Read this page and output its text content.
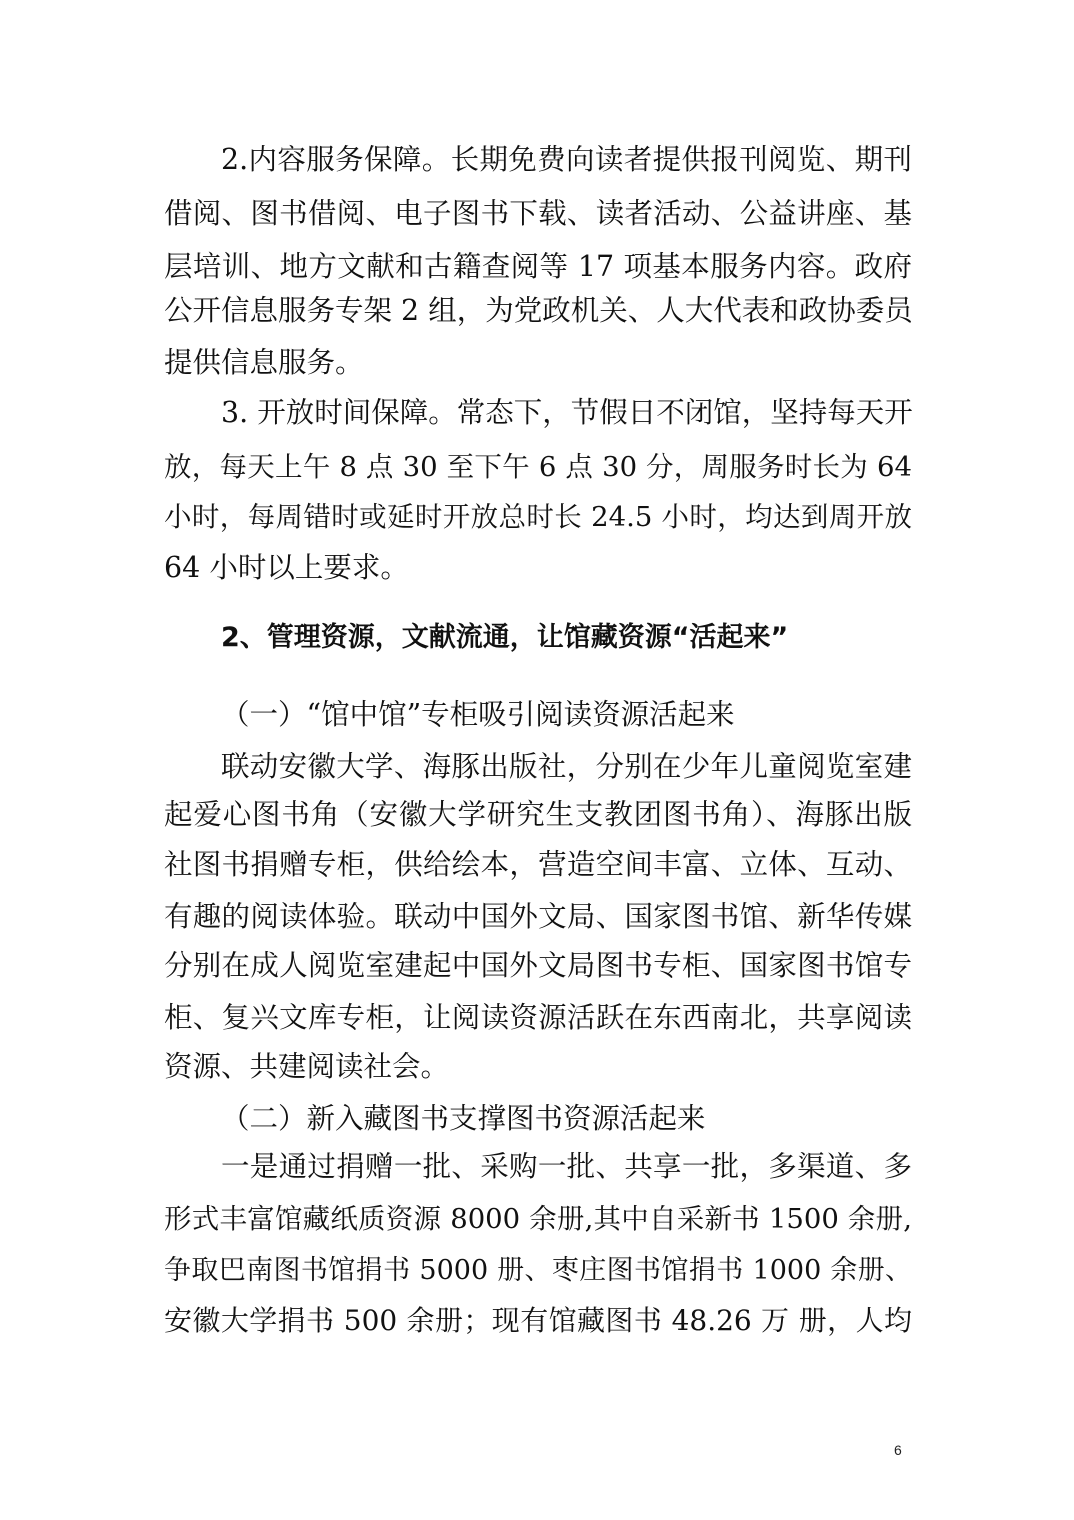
2.内容服务保障。长期免费向读者提供报刊阅览、期刊
借阅、图书借阅、电子图书下载、读者活动、公益讲座、基
层培训、地方文献和古籍查阅等 17 项基本服务内容。政府
公开信息服务专架 2 组，为党政机关、人大代表和政协委员
提供信息服务。
3. 开放时间保障。常态下，节假日不闭馆，坚持每天开
放，每天上午 8 点 30 至下午 6 点 30 分，周服务时长为 64
小时，每周错时或延时开放总时长 24.5 小时，均达到周开放
64 小时以上要求。
2、管理资源，文献流通，让馆藏资源“活起来”
（一）“馆中馆”专柜吸引阅读资源活起来
联动安徽大学、海豚出版社，分别在少年儿童阅览室建
起爱心图书角（安徽大学研究生支教团图书角）、海豚出版
社图书捐赠专柜，供给绘本，营造空间丰富、立体、互动、
有趣的阅读体验。联动中国外文局、国家图书馆、新华传媒
分别在成人阅览室建起中国外文局图书专柜、国家图书馆专
柜、复兴文库专柜，让阅读资源活跃在东西南北，共享阅读
资源、共建阅读社会。
（二）新入藏图书支撑图书资源活起来
一是通过捐赠一批、采购一批、共享一批，多渠道、多
形式丰富馆藏纸质资源 8000 余册,其中自采新书 1500 余册,
争取巴南图书馆捐书 5000 册、枣庄图书馆捐书 1000 余册、
安徽大学捐书 500 余册；现有馆藏图书 48.26 万 册，人均
6
